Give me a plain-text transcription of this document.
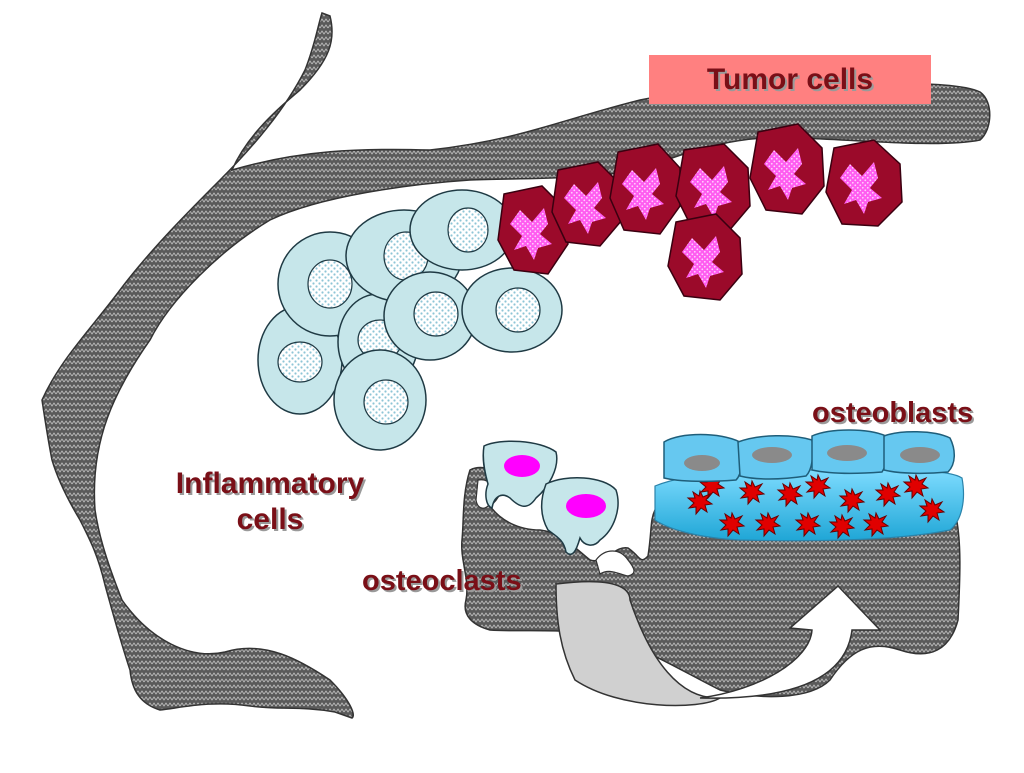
Tumor cells
Inflammatory
cells
osteoblasts
osteoclasts
